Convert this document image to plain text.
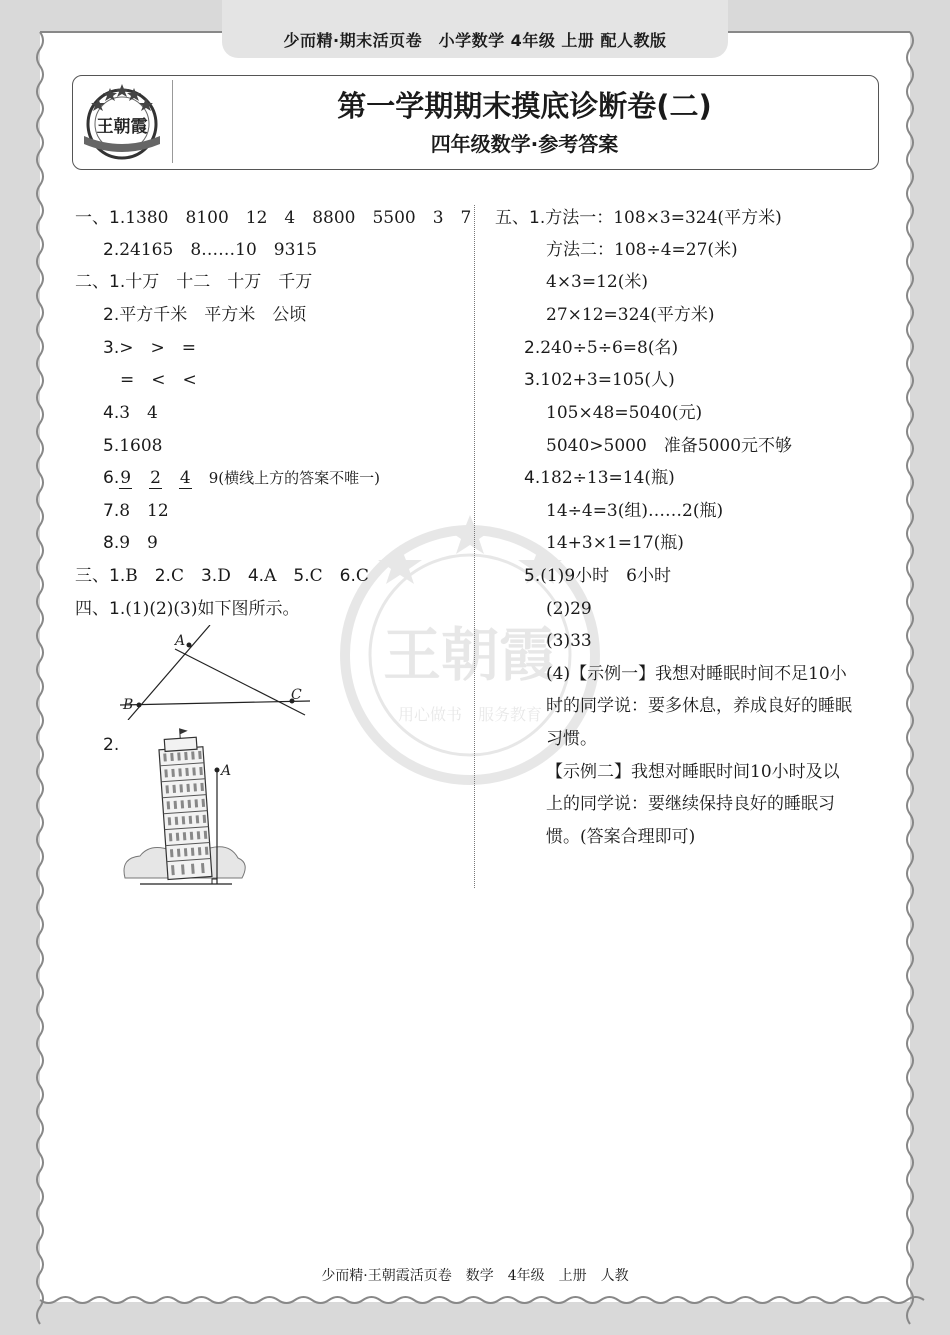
少而精·期末活页卷　小学数学 4年级 上册 配人教版
王朝霞
第一学期期末摸底诊断卷(二)
四年级数学·参考答案
王朝霞
用心做书　服务教育
一、1.1380　8100　12　4　8800　5500　3　7
2.24165　8……10　9315
二、1.十万　十二　十万　千万
2.平方千米　平方米　公顷
3.>　>　=
=　<　<
4.3　4
5.1608
6.9　 2　 4　 9(横线上方的答案不唯一)
7.8　12
8.9　9
三、1.B　2.C　3.D　4.A　5.C　6.C
四、1.(1)(2)(3)如下图所示。
A
B
C
2.
A
五、1.方法一：108×3=324(平方米)
方法二：108÷4=27(米)
4×3=12(米)
27×12=324(平方米)
2.240÷5÷6=8(名)
3.102+3=105(人)
105×48=5040(元)
5040>5000　准备5000元不够
4.182÷13=14(瓶)
14÷4=3(组)……2(瓶)
14+3×1=17(瓶)
5.(1)9小时　6小时
(2)29
(3)33
(4)【示例一】我想对睡眠时间不足10小
时的同学说：要多休息，养成良好的睡眠
习惯。
【示例二】我想对睡眠时间10小时及以
上的同学说：要继续保持良好的睡眠习
惯。(答案合理即可)
少而精·王朝霞活页卷　数学　4年级　上册　人教
